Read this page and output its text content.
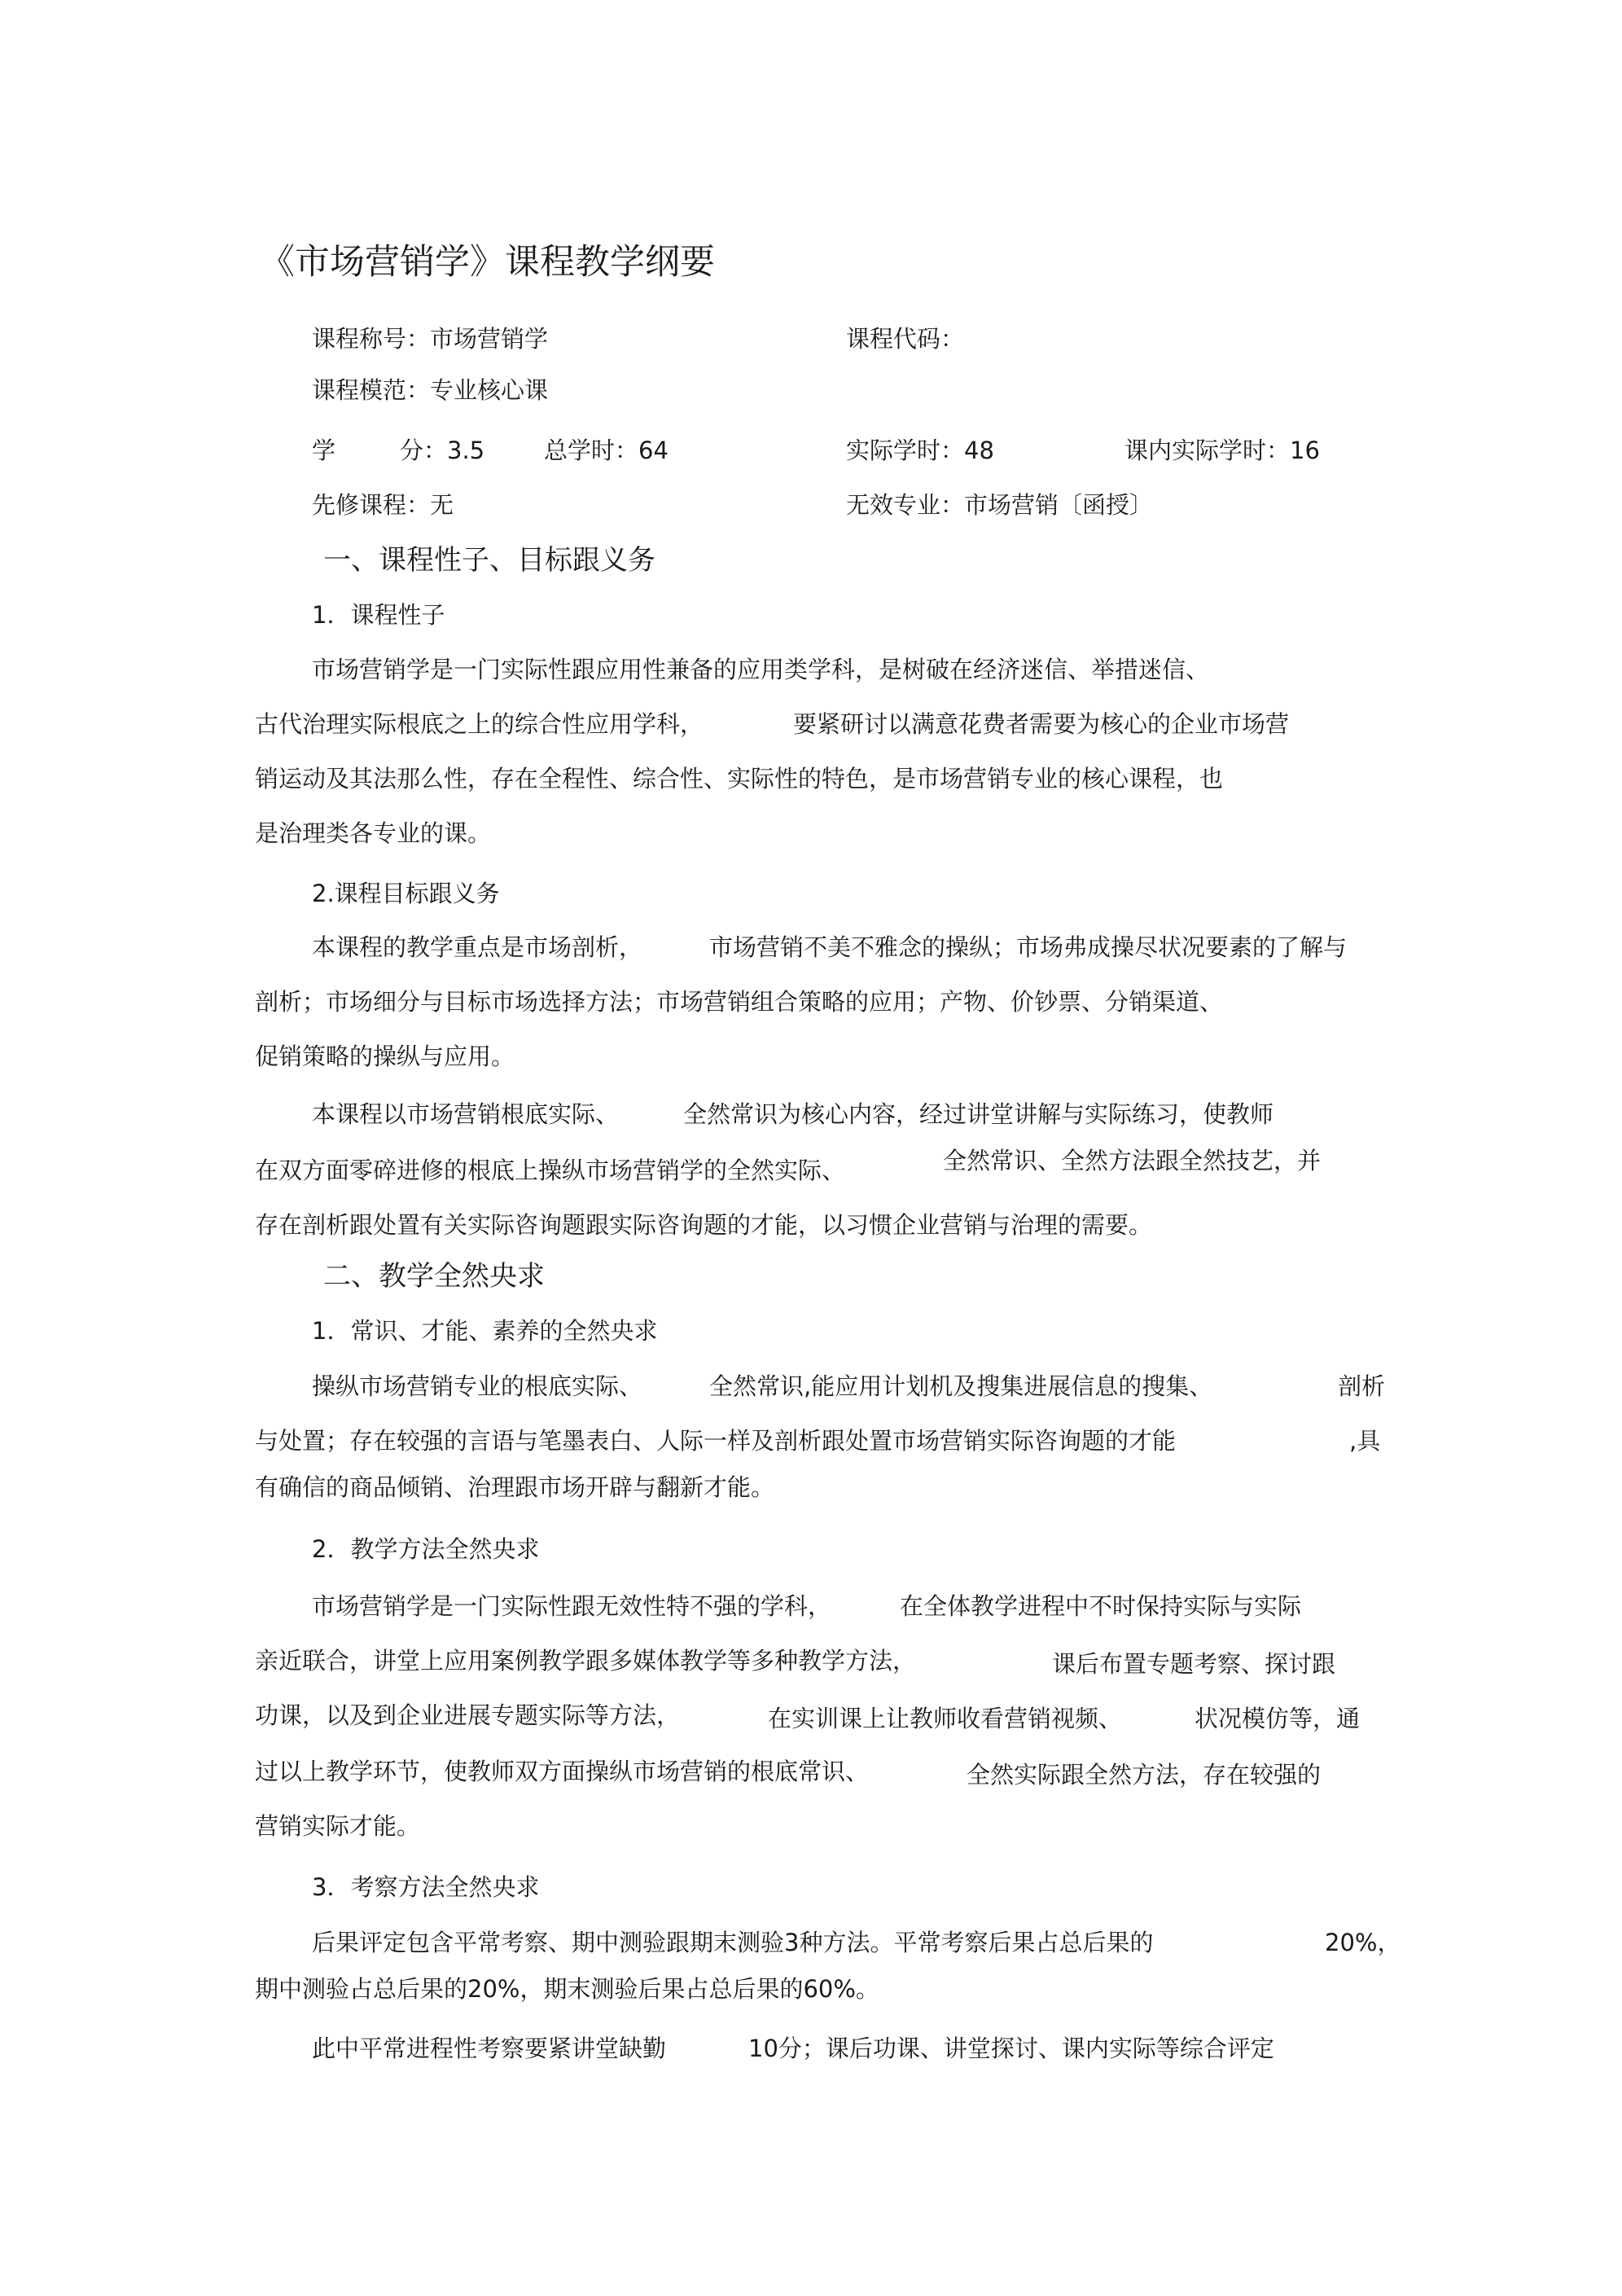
《市场营销学》课程教学纲要
课程称号：市场营销学	课程代码：
课程模范：专业核心课
学	分：3.5	总学时：64	实际学时：48	课内实际学时：16
先修课程：无	无效专业：市场营销〔函授〕
一、课程性子、目标跟义务
1．课程性子
市场营销学是一门实际性跟应用性兼备的应用类学科，是树破在经济迷信、举措迷信、
古代治理实际根底之上的综合性应用学科，	要紧研讨以满意花费者需要为核心的企业市场营
销运动及其法那么性，存在全程性、综合性、实际性的特色，是市场营销专业的核心课程，也
是治理类各专业的课。
2.课程目标跟义务
本课程的教学重点是市场剖析，	市场营销不美不雅念的操纵；市场弗成操尽状况要素的了解与
剖析；市场细分与目标市场选择方法；市场营销组合策略的应用；产物、价钞票、分销渠道、
促销策略的操纵与应用。
本课程以市场营销根底实际、	全然常识为核心内容，经过讲堂讲解与实际练习，使教师
在双方面零碎进修的根底上操纵市场营销学的全然实际、	全然常识、全然方法跟全然技艺，并
存在剖析跟处置有关实际咨询题跟实际咨询题的才能，以习惯企业营销与治理的需要。
二、教学全然央求
1．常识、才能、素养的全然央求
操纵市场营销专业的根底实际、	全然常识,能应用计划机及搜集进展信息的搜集、	剖析
与处置；存在较强的言语与笔墨表白、人际一样及剖析跟处置市场营销实际咨询题的才能	,具
有确信的商品倾销、治理跟市场开辟与翻新才能。
2．教学方法全然央求
市场营销学是一门实际性跟无效性特不强的学科，	在全体教学进程中不时保持实际与实际
亲近联合，讲堂上应用案例教学跟多媒体教学等多种教学方法，	课后布置专题考察、探讨跟
功课，以及到企业进展专题实际等方法，	在实训课上让教师收看营销视频、	状况模仿等，通
过以上教学环节，使教师双方面操纵市场营销的根底常识、	全然实际跟全然方法，存在较强的
营销实际才能。
3．考察方法全然央求
后果评定包含平常考察、期中测验跟期末测验3种方法。平常考察后果占总后果的	20%，
期中测验占总后果的20%，期末测验后果占总后果的60%。
此中平常进程性考察要紧讲堂缺勤	10分；课后功课、讲堂探讨、课内实际等综合评定
